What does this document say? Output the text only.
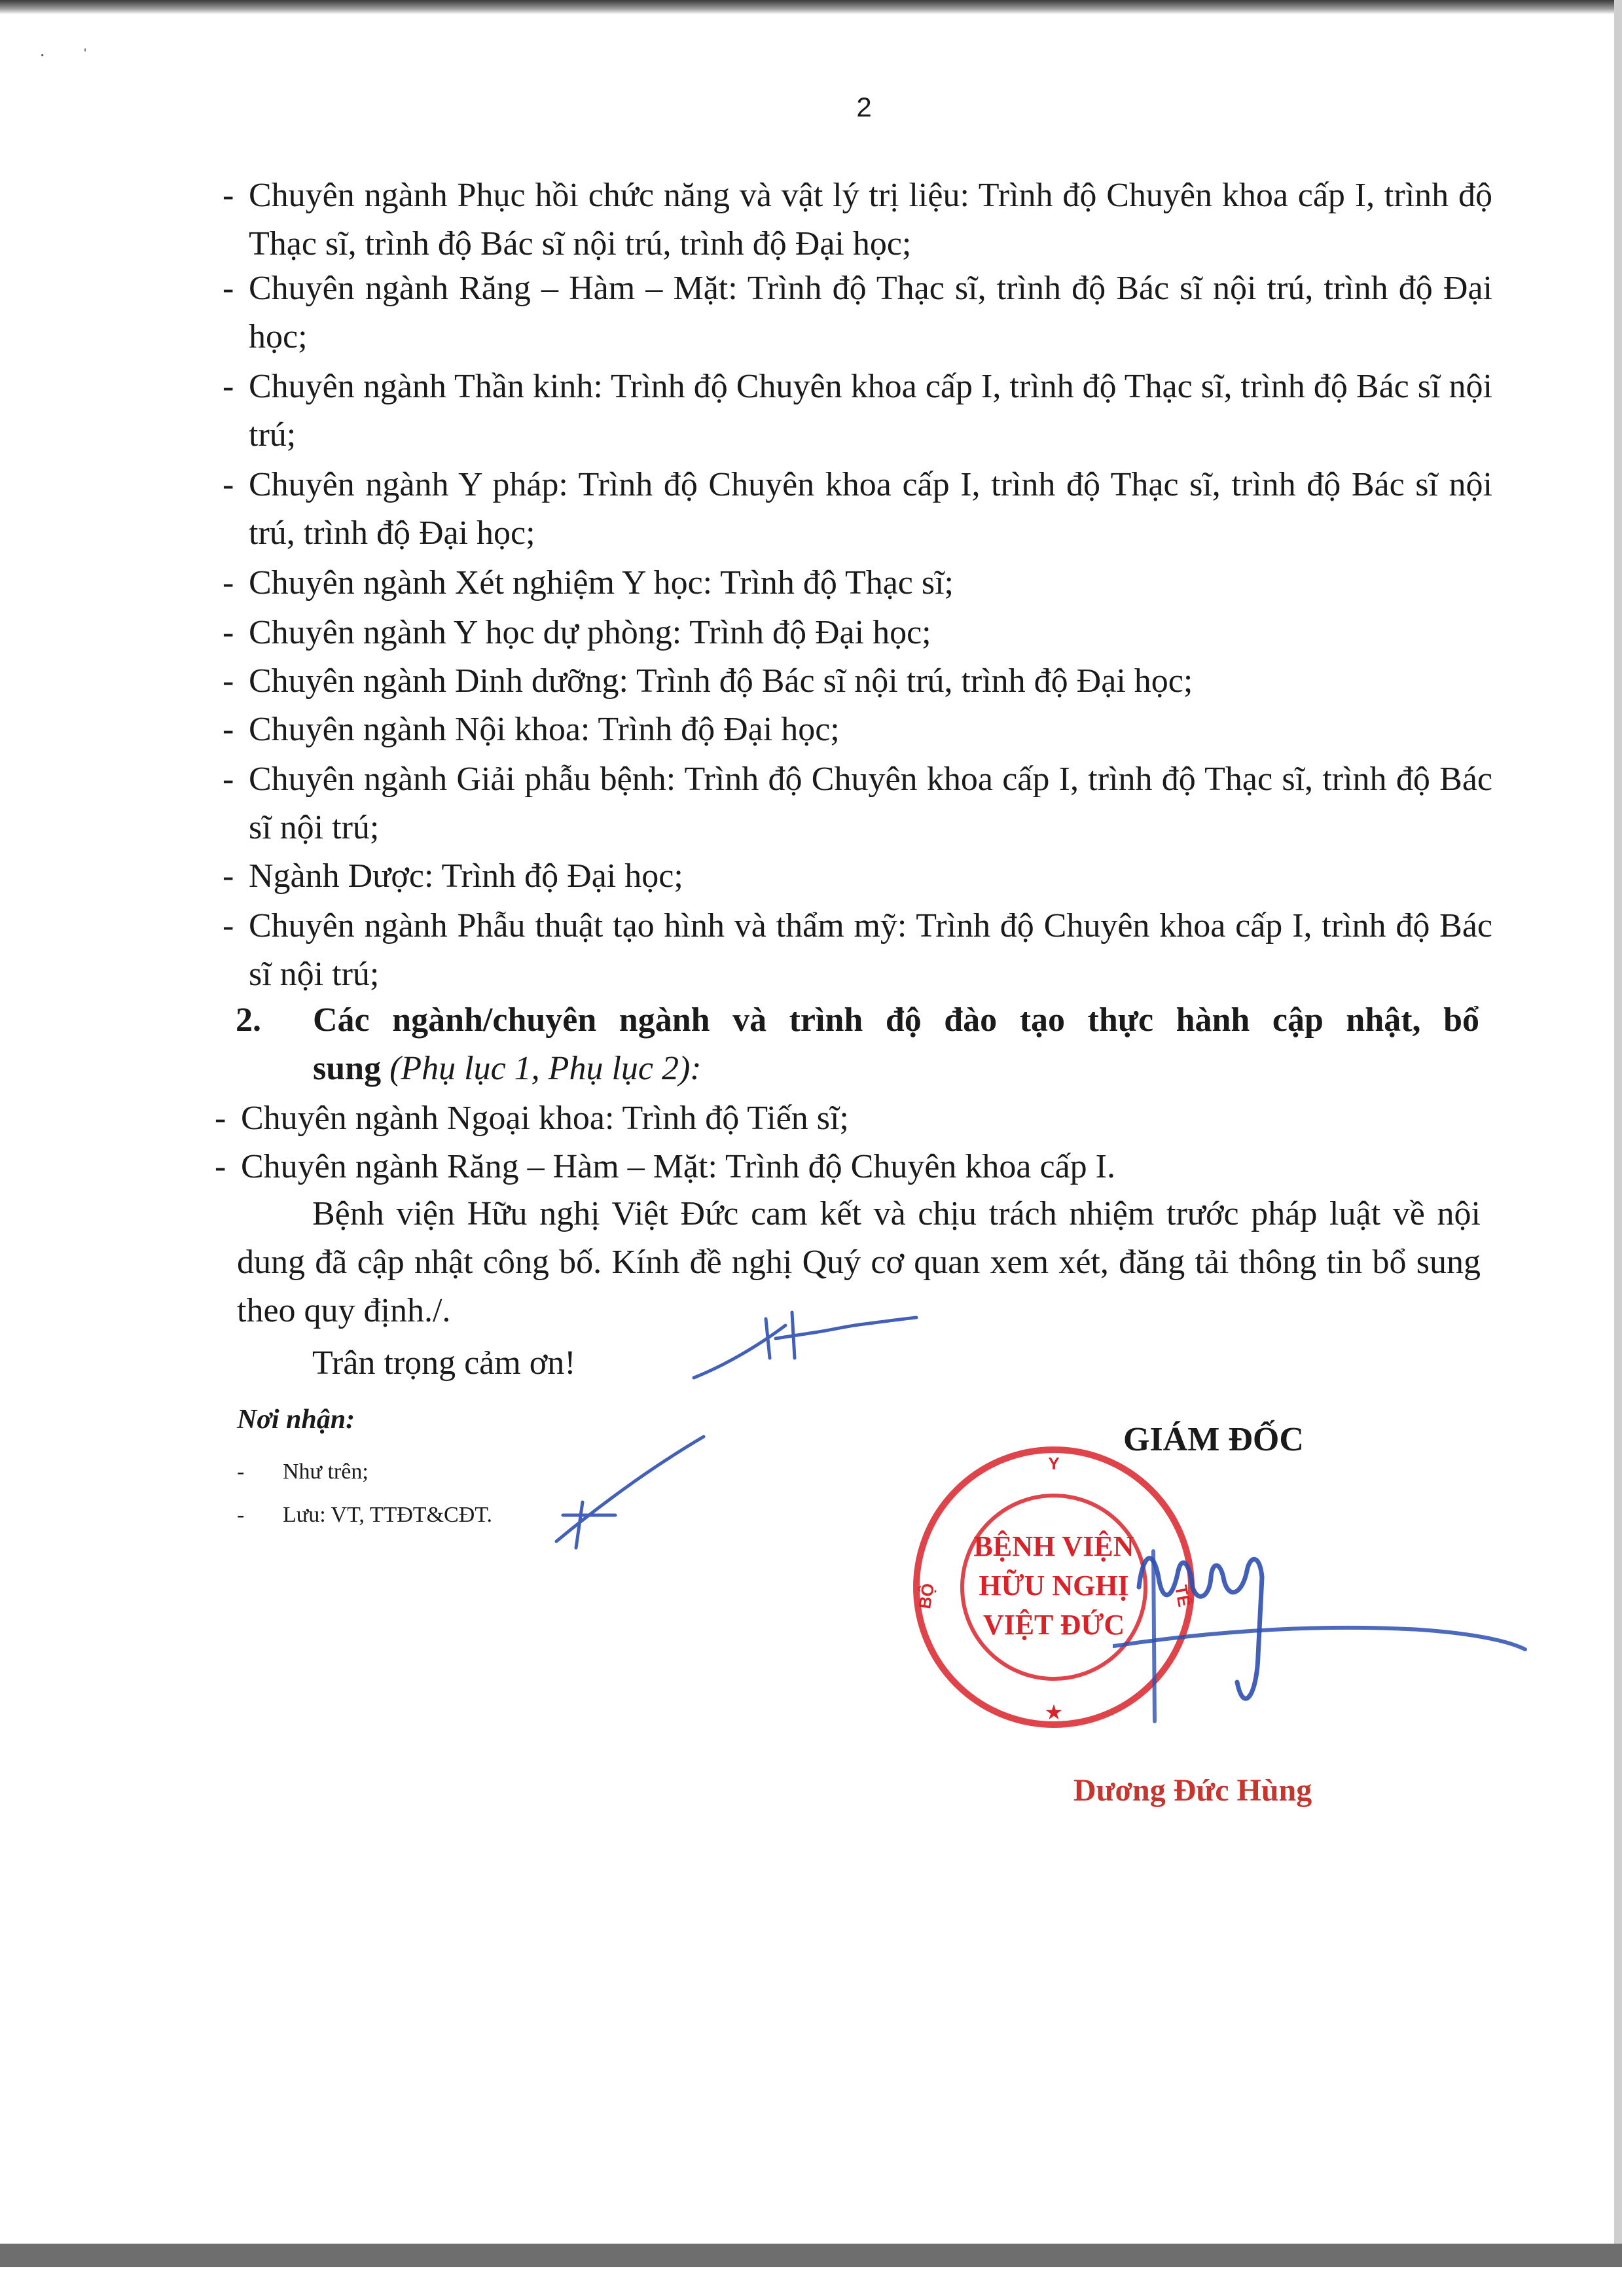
·        ˈ
2
- Chuyên ngành Phục hồi chức năng và vật lý trị liệu: Trình độ Chuyên khoa cấp I, trình độ Thạc sĩ, trình độ Bác sĩ nội trú, trình độ Đại học;
- Chuyên ngành Răng – Hàm – Mặt: Trình độ Thạc sĩ, trình độ Bác sĩ nội trú, trình độ Đại học;
- Chuyên ngành Thần kinh: Trình độ Chuyên khoa cấp I, trình độ Thạc sĩ, trình độ Bác sĩ nội trú;
- Chuyên ngành Y pháp: Trình độ Chuyên khoa cấp I, trình độ Thạc sĩ, trình độ Bác sĩ nội trú, trình độ Đại học;
- Chuyên ngành Xét nghiệm Y học: Trình độ Thạc sĩ;
- Chuyên ngành Y học dự phòng: Trình độ Đại học;
- Chuyên ngành Dinh dưỡng: Trình độ Bác sĩ nội trú, trình độ Đại học;
- Chuyên ngành Nội khoa: Trình độ Đại học;
- Chuyên ngành Giải phẫu bệnh: Trình độ Chuyên khoa cấp I, trình độ Thạc sĩ, trình độ Bác sĩ nội trú;
- Ngành Dược: Trình độ Đại học;
- Chuyên ngành Phẫu thuật tạo hình và thẩm mỹ: Trình độ Chuyên khoa cấp I, trình độ Bác sĩ nội trú;
2.	Các ngành/chuyên ngành và trình độ đào tạo thực hành cập nhật, bổ
sung (Phụ lục 1, Phụ lục 2):
- Chuyên ngành Ngoại khoa: Trình độ Tiến sĩ;
- Chuyên ngành Răng – Hàm – Mặt: Trình độ Chuyên khoa cấp I.
Bệnh viện Hữu nghị Việt Đức cam kết và chịu trách nhiệm trước pháp luật về nội dung đã cập nhật công bố. Kính đề nghị Quý cơ quan xem xét, đăng tải thông tin bổ sung theo quy định./.
Trân trọng cảm ơn!
Nơi nhận:
- Như trên;
- Lưu: VT, TTĐT&CĐT.
GIÁM ĐỐC
Y
BỘ	TẾ
BỆNH VIỆN
HỮU NGHỊ
VIỆT ĐỨC
★
Dương Đức Hùng
